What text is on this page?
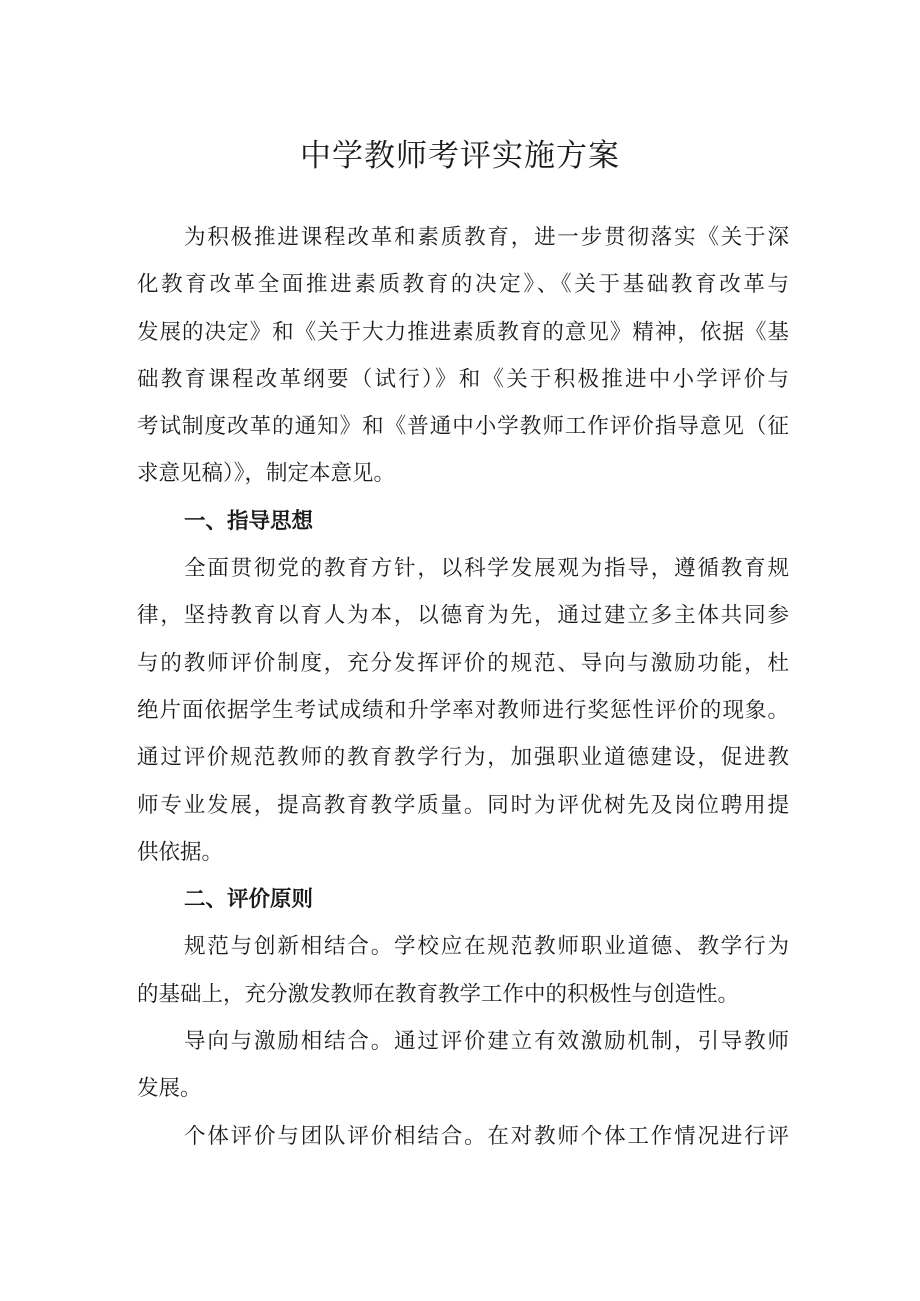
中学教师考评实施方案
为积极推进课程改革和素质教育，进一步贯彻落实《关于深
化教育改革全面推进素质教育的决定》、《关于基础教育改革与
发展的决定》和《关于大力推进素质教育的意见》精神，依据《基
础教育课程改革纲要（试行）》和《关于积极推进中小学评价与
考试制度改革的通知》和《普通中小学教师工作评价指导意见（征
求意见稿）》，制定本意见。
一、指导思想
全面贯彻党的教育方针，以科学发展观为指导，遵循教育规
律，坚持教育以育人为本，以德育为先，通过建立多主体共同参
与的教师评价制度，充分发挥评价的规范、导向与激励功能，杜
绝片面依据学生考试成绩和升学率对教师进行奖惩性评价的现象。
通过评价规范教师的教育教学行为，加强职业道德建设，促进教
师专业发展，提高教育教学质量。同时为评优树先及岗位聘用提
供依据。
二、评价原则
规范与创新相结合。学校应在规范教师职业道德、教学行为
的基础上，充分激发教师在教育教学工作中的积极性与创造性。
导向与激励相结合。通过评价建立有效激励机制，引导教师
发展。
个体评价与团队评价相结合。在对教师个体工作情况进行评
